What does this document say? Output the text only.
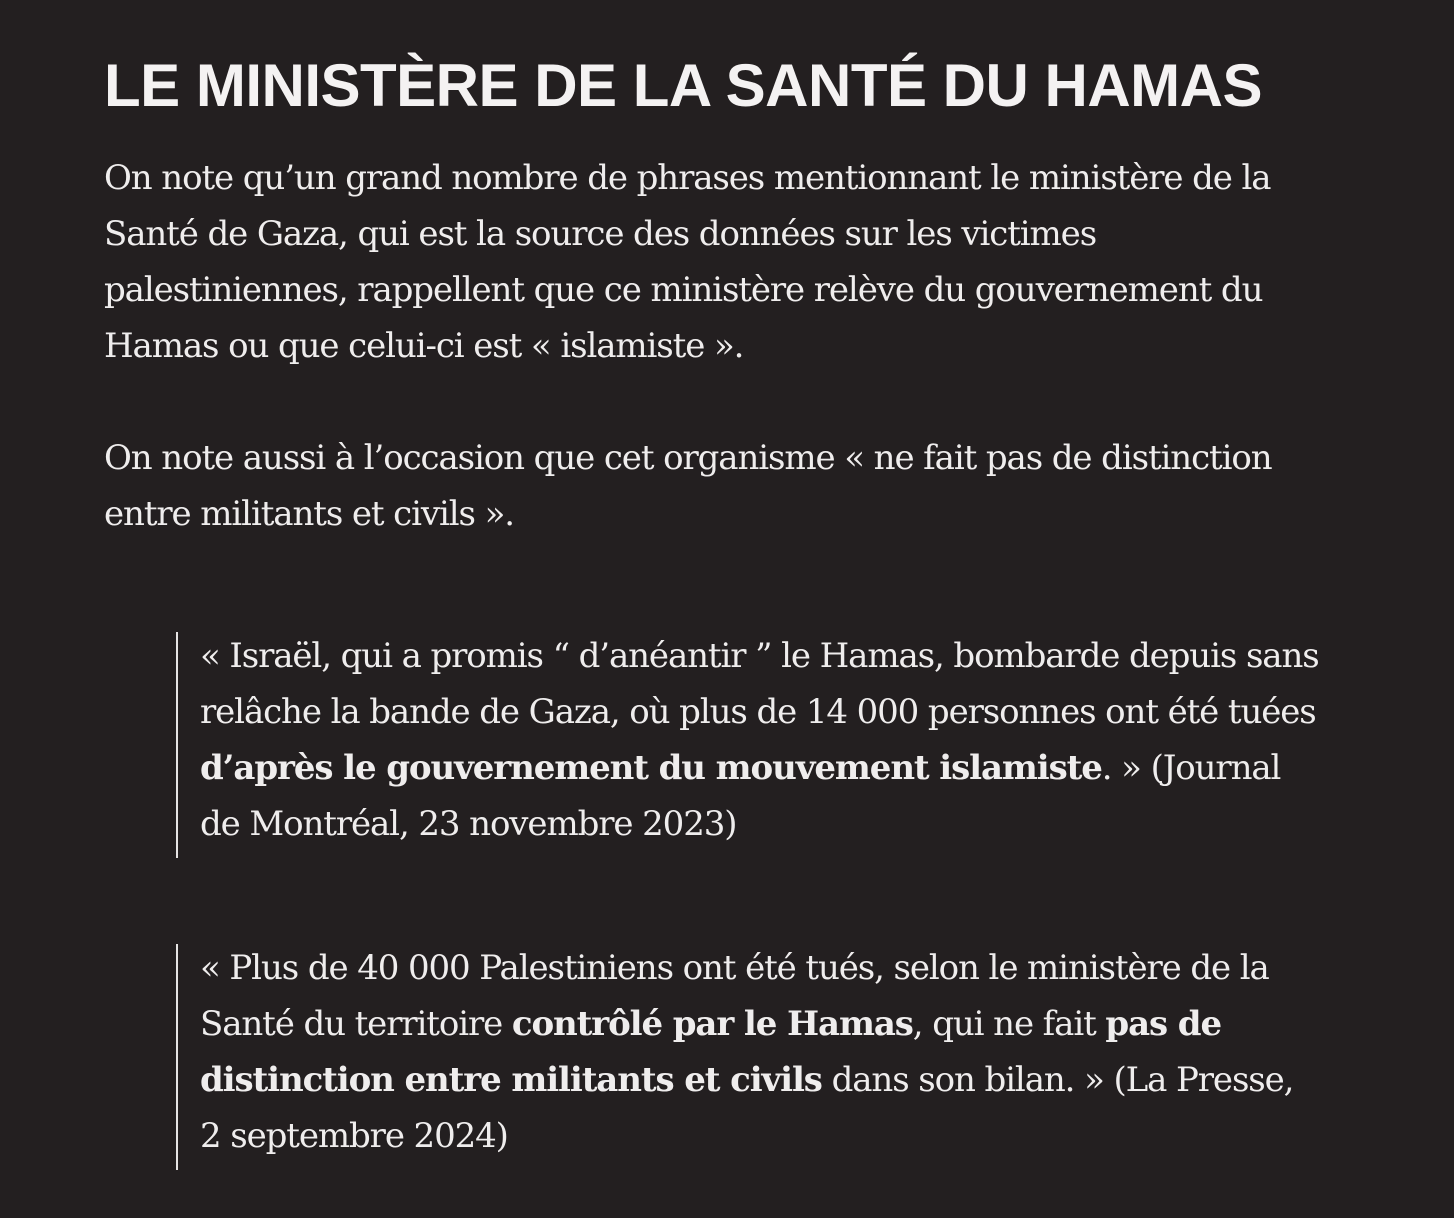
LE MINISTÈRE DE LA SANTÉ DU HAMAS

On note qu’un grand nombre de phrases mentionnant le ministère de la Santé de Gaza, qui est la source des données sur les victimes palestiniennes, rappellent que ce ministère relève du gouvernement du Hamas ou que celui-ci est « islamiste ».

On note aussi à l’occasion que cet organisme « ne fait pas de distinction entre militants et civils ».

« Israël, qui a promis “ d’anéantir ” le Hamas, bombarde depuis sans relâche la bande de Gaza, où plus de 14 000 personnes ont été tuées d’après le gouvernement du mouvement islamiste. » (Journal de Montréal, 23 novembre 2023)

« Plus de 40 000 Palestiniens ont été tués, selon le ministère de la Santé du territoire contrôlé par le Hamas, qui ne fait pas de distinction entre militants et civils dans son bilan. » (La Presse, 2 septembre 2024)
